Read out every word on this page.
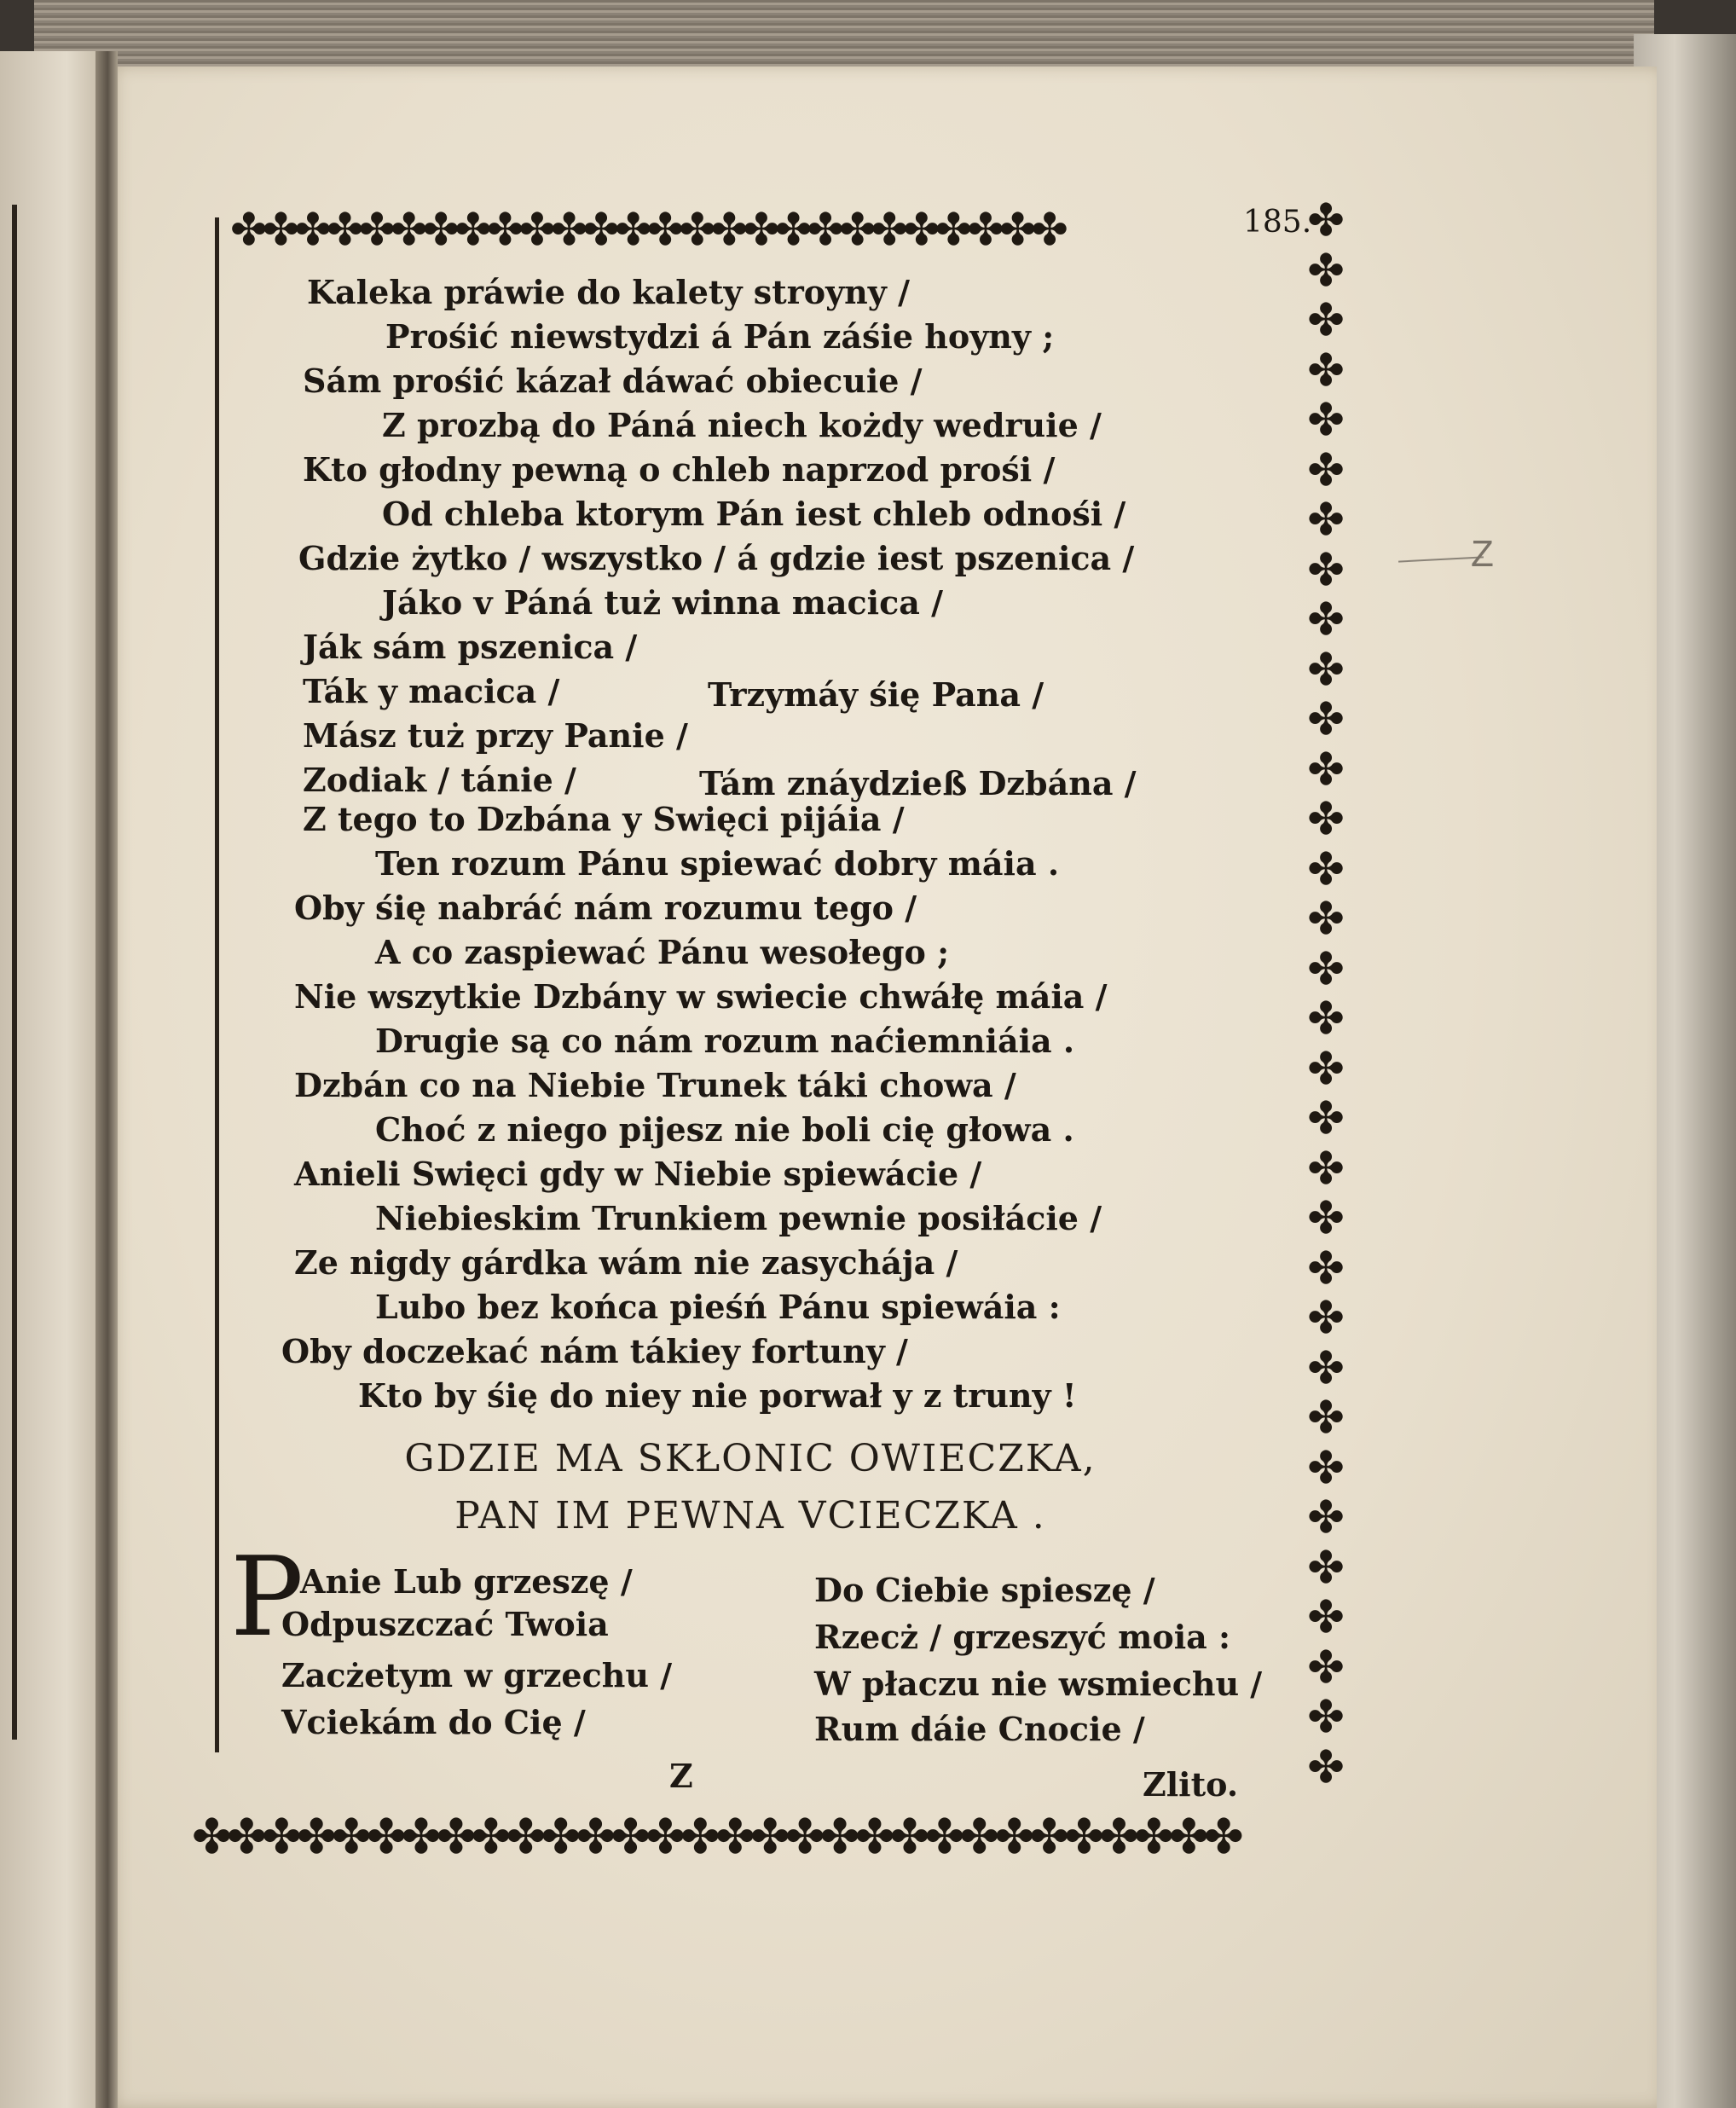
✤✤✤✤✤✤✤✤✤✤✤✤✤✤✤✤✤✤✤✤✤✤✤✤✤✤
✤✤✤✤✤✤✤✤✤✤✤✤✤✤✤✤✤✤✤✤✤✤✤✤✤✤✤✤✤✤
✤
✤
✤
✤
✤
✤
✤
✤
✤
✤
✤
✤
✤
✤
✤
✤
✤
✤
✤
✤
✤
✤
✤
✤
✤
✤
✤
✤
✤
✤
✤
✤
185.
Kaleka práwie do kalety stroyny /
Prośić niewstydzi á Pán záśie hoyny ;
Sám prośić kázał dáwać obiecuie /
Z prozbą do Páná niech kożdy wedruie /
Kto głodny pewną o chleb naprzod prośi /
Od chleba ktorym Pán iest chleb odnośi /
Gdzie żytko / wszystko / á gdzie iest pszenica /
Jáko v Páná tuż winna macica /
Ják sám pszenica /
Ták y macica /	Trzymáy śię Pana /
Mász tuż przy Panie /
Zodiak / tánie /	Tám znáydzieß Dzbána /
Z tego to Dzbána y Swięci pijáia /
Ten rozum Pánu spiewać dobry máia .
Oby śię nabráć nám rozumu tego /
A co zaspiewać Pánu wesołego ;
Nie wszytkie Dzbány w swiecie chwáłę máia /
Drugie są co nám rozum naćiemniáia .
Dzbán co na Niebie Trunek táki chowa /
Choć z niego pijesz nie boli cię głowa .
Anieli Swięci gdy w Niebie spiewácie /
Niebieskim Trunkiem pewnie posiłácie /
Ze nigdy gárdka wám nie zasychája /
Lubo bez końca pieśń Pánu spiewáia :
Oby doczekać nám tákiey fortuny /
Kto by śię do niey nie porwał y z truny !
GDZIE MA SKŁONIC OWIECZKA,
PAN IM PEWNA VCIECZKA .
P
Anie Lub grzeszę /
Odpuszczać Twoia
Zacżetym w grzechu /
Vciekám do Cię /
Do Ciebie spieszę /
Rzecż / grzeszyć moia :
W płaczu nie wsmiechu /
Rum dáie Cnocie /
Z	Zlito.
Z
